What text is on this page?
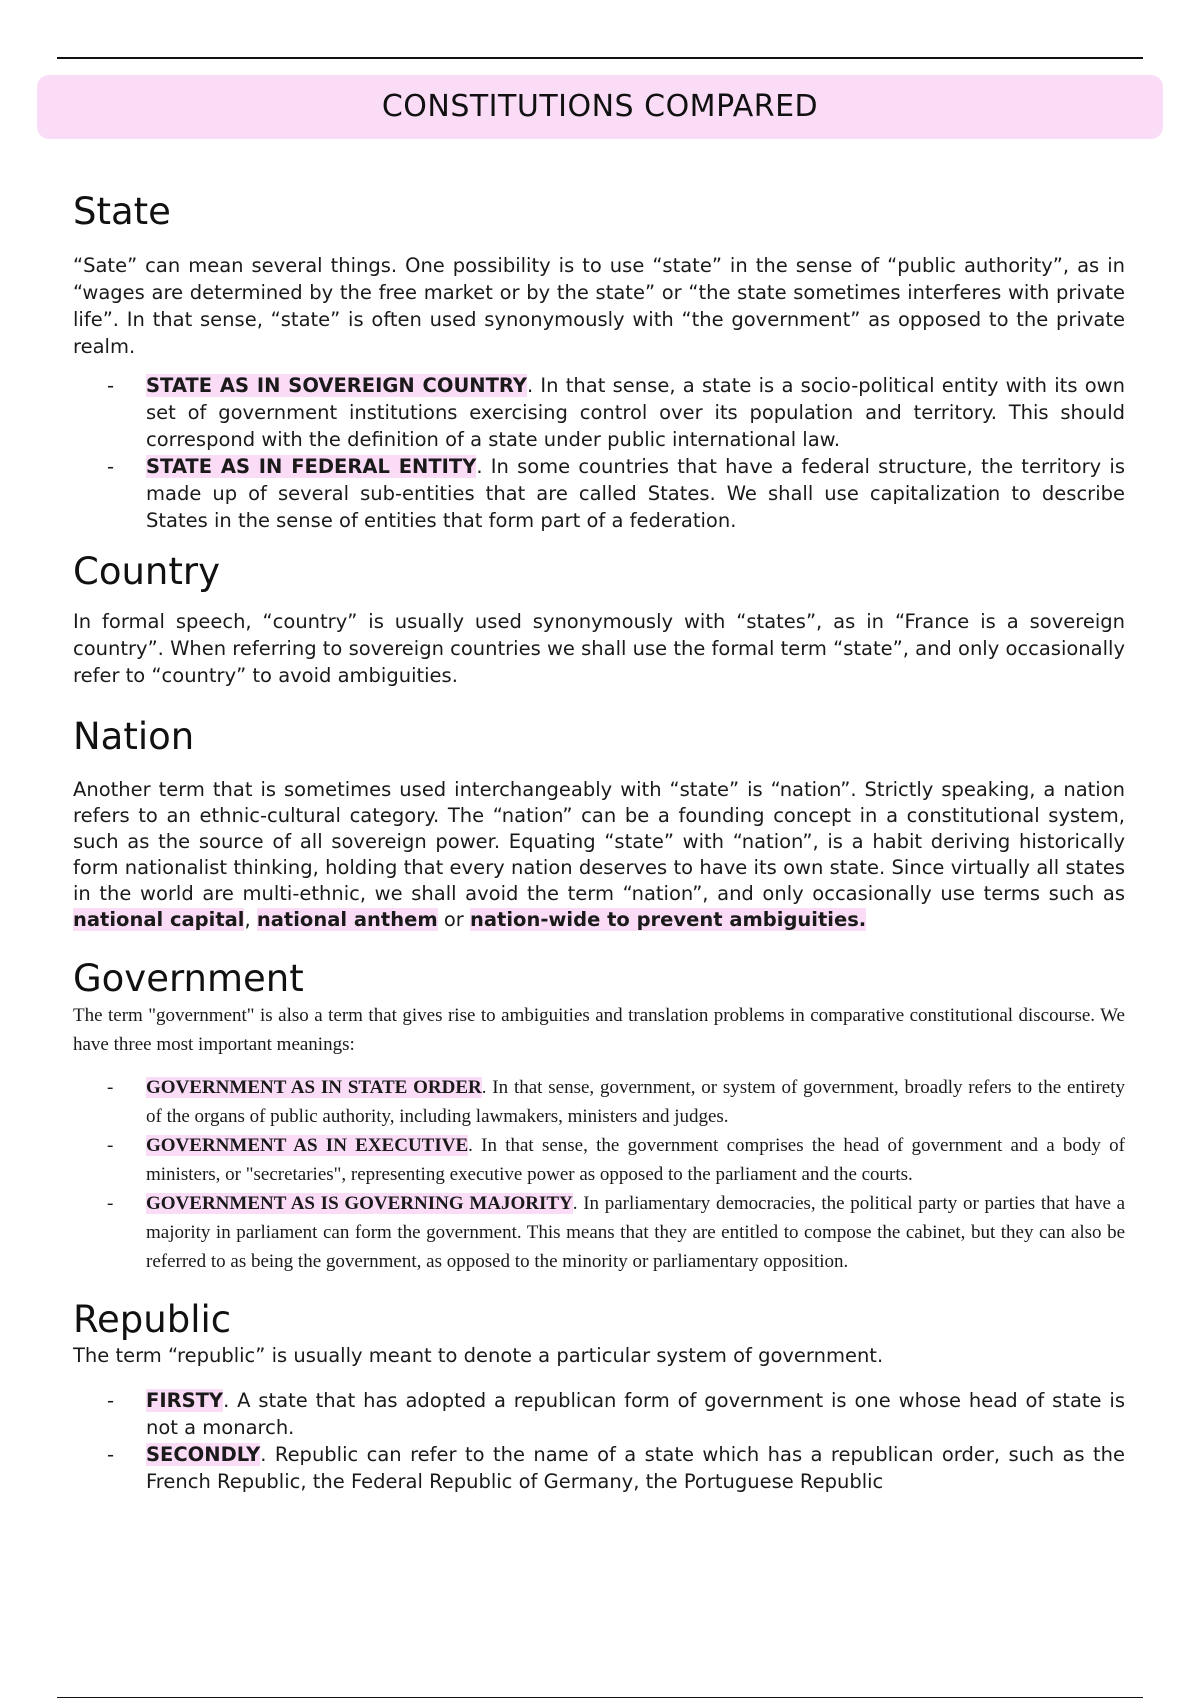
CONSTITUTIONS COMPARED
State

“Sate” can mean several things. One possibility is to use “state” in the sense of “public authority”, as in “wages are determined by the free market or by the state” or “the state sometimes interferes with private life”. In that sense, “state” is often used synonymously with “the government” as opposed to the private realm.

- STATE AS IN SOVEREIGN COUNTRY. In that sense, a state is a socio-political entity with its own set of government institutions exercising control over its population and territory. This should correspond with the definition of a state under public international law.
- STATE AS IN FEDERAL ENTITY. In some countries that have a federal structure, the territory is made up of several sub-entities that are called States. We shall use capitalization to describe States in the sense of entities that form part of a federation.
Country

In formal speech, “country” is usually used synonymously with “states”, as in “France is a sovereign country”. When referring to sovereign countries we shall use the formal term “state”, and only occasionally refer to “country” to avoid ambiguities.

Nation

Another term that is sometimes used interchangeably with “state” is “nation”. Strictly speaking, a nation refers to an ethnic-cultural category. The “nation” can be a founding concept in a constitutional system, such as the source of all sovereign power. Equating “state” with “nation”, is a habit deriving historically form nationalist thinking, holding that every nation deserves to have its own state. Since virtually all states in the world are multi-ethnic, we shall avoid the term “nation”, and only occasionally use terms such as national capital, national anthem or nation-wide to prevent ambiguities.

Government

The term "government" is also a term that gives rise to ambiguities and translation problems in comparative constitutional discourse. We have three most important meanings:

- GOVERNMENT AS IN STATE ORDER. In that sense, government, or system of government, broadly refers to the entirety of the organs of public authority, including lawmakers, ministers and judges.
- GOVERNMENT AS IN EXECUTIVE. In that sense, the government comprises the head of government and a body of ministers, or "secretaries", representing executive power as opposed to the parliament and the courts.
- GOVERNMENT AS IS GOVERNING MAJORITY. In parliamentary democracies, the political party or parties that have a majority in parliament can form the government. This means that they are entitled to compose the cabinet, but they can also be referred to as being the government, as opposed to the minority or parliamentary opposition.
Republic

The term “republic” is usually meant to denote a particular system of government.

- FIRSTY. A state that has adopted a republican form of government is one whose head of state is not a monarch.
- SECONDLY. Republic can refer to the name of a state which has a republican order, such as the French Republic, the Federal Republic of Germany, the Portuguese Republic
